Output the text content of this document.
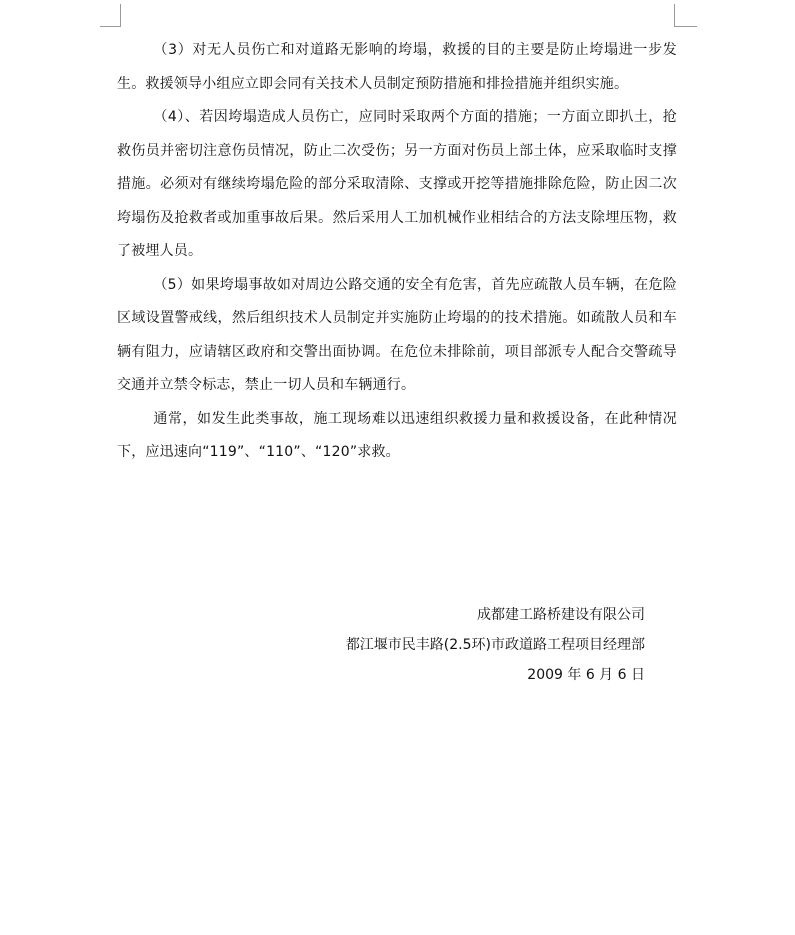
（3）对无人员伤亡和对道路无影响的垮塌，救援的目的主要是防止垮塌进一步发生。救援领导小组应立即会同有关技术人员制定预防措施和排捡措施并组织实施。

（4）、若因垮塌造成人员伤亡，应同时采取两个方面的措施；一方面立即扒土，抢救伤员并密切注意伤员情况，防止二次受伤；另一方面对伤员上部土体，应采取临时支撑措施。必须对有继续垮塌危险的部分采取清除、支撑或开挖等措施排除危险，防止因二次垮塌伤及抢救者或加重事故后果。然后采用人工加机械作业相结合的方法支除埋压物，救了被埋人员。

（5）如果垮塌事故如对周边公路交通的安全有危害，首先应疏散人员车辆，在危险区域设置警戒线，然后组织技术人员制定并实施防止垮塌的的技术措施。如疏散人员和车辆有阻力，应请辖区政府和交警出面协调。在危位未排除前，项目部派专人配合交警疏导交通并立禁令标志，禁止一切人员和车辆通行。

通常，如发生此类事故，施工现场难以迅速组织救援力量和救援设备，在此种情况下，应迅速向“119”、“110”、“120”求救。

成都建工路桥建设有限公司
都江堰市民丰路(2.5环)市政道路工程项目经理部
2009 年 6 月 6 日
